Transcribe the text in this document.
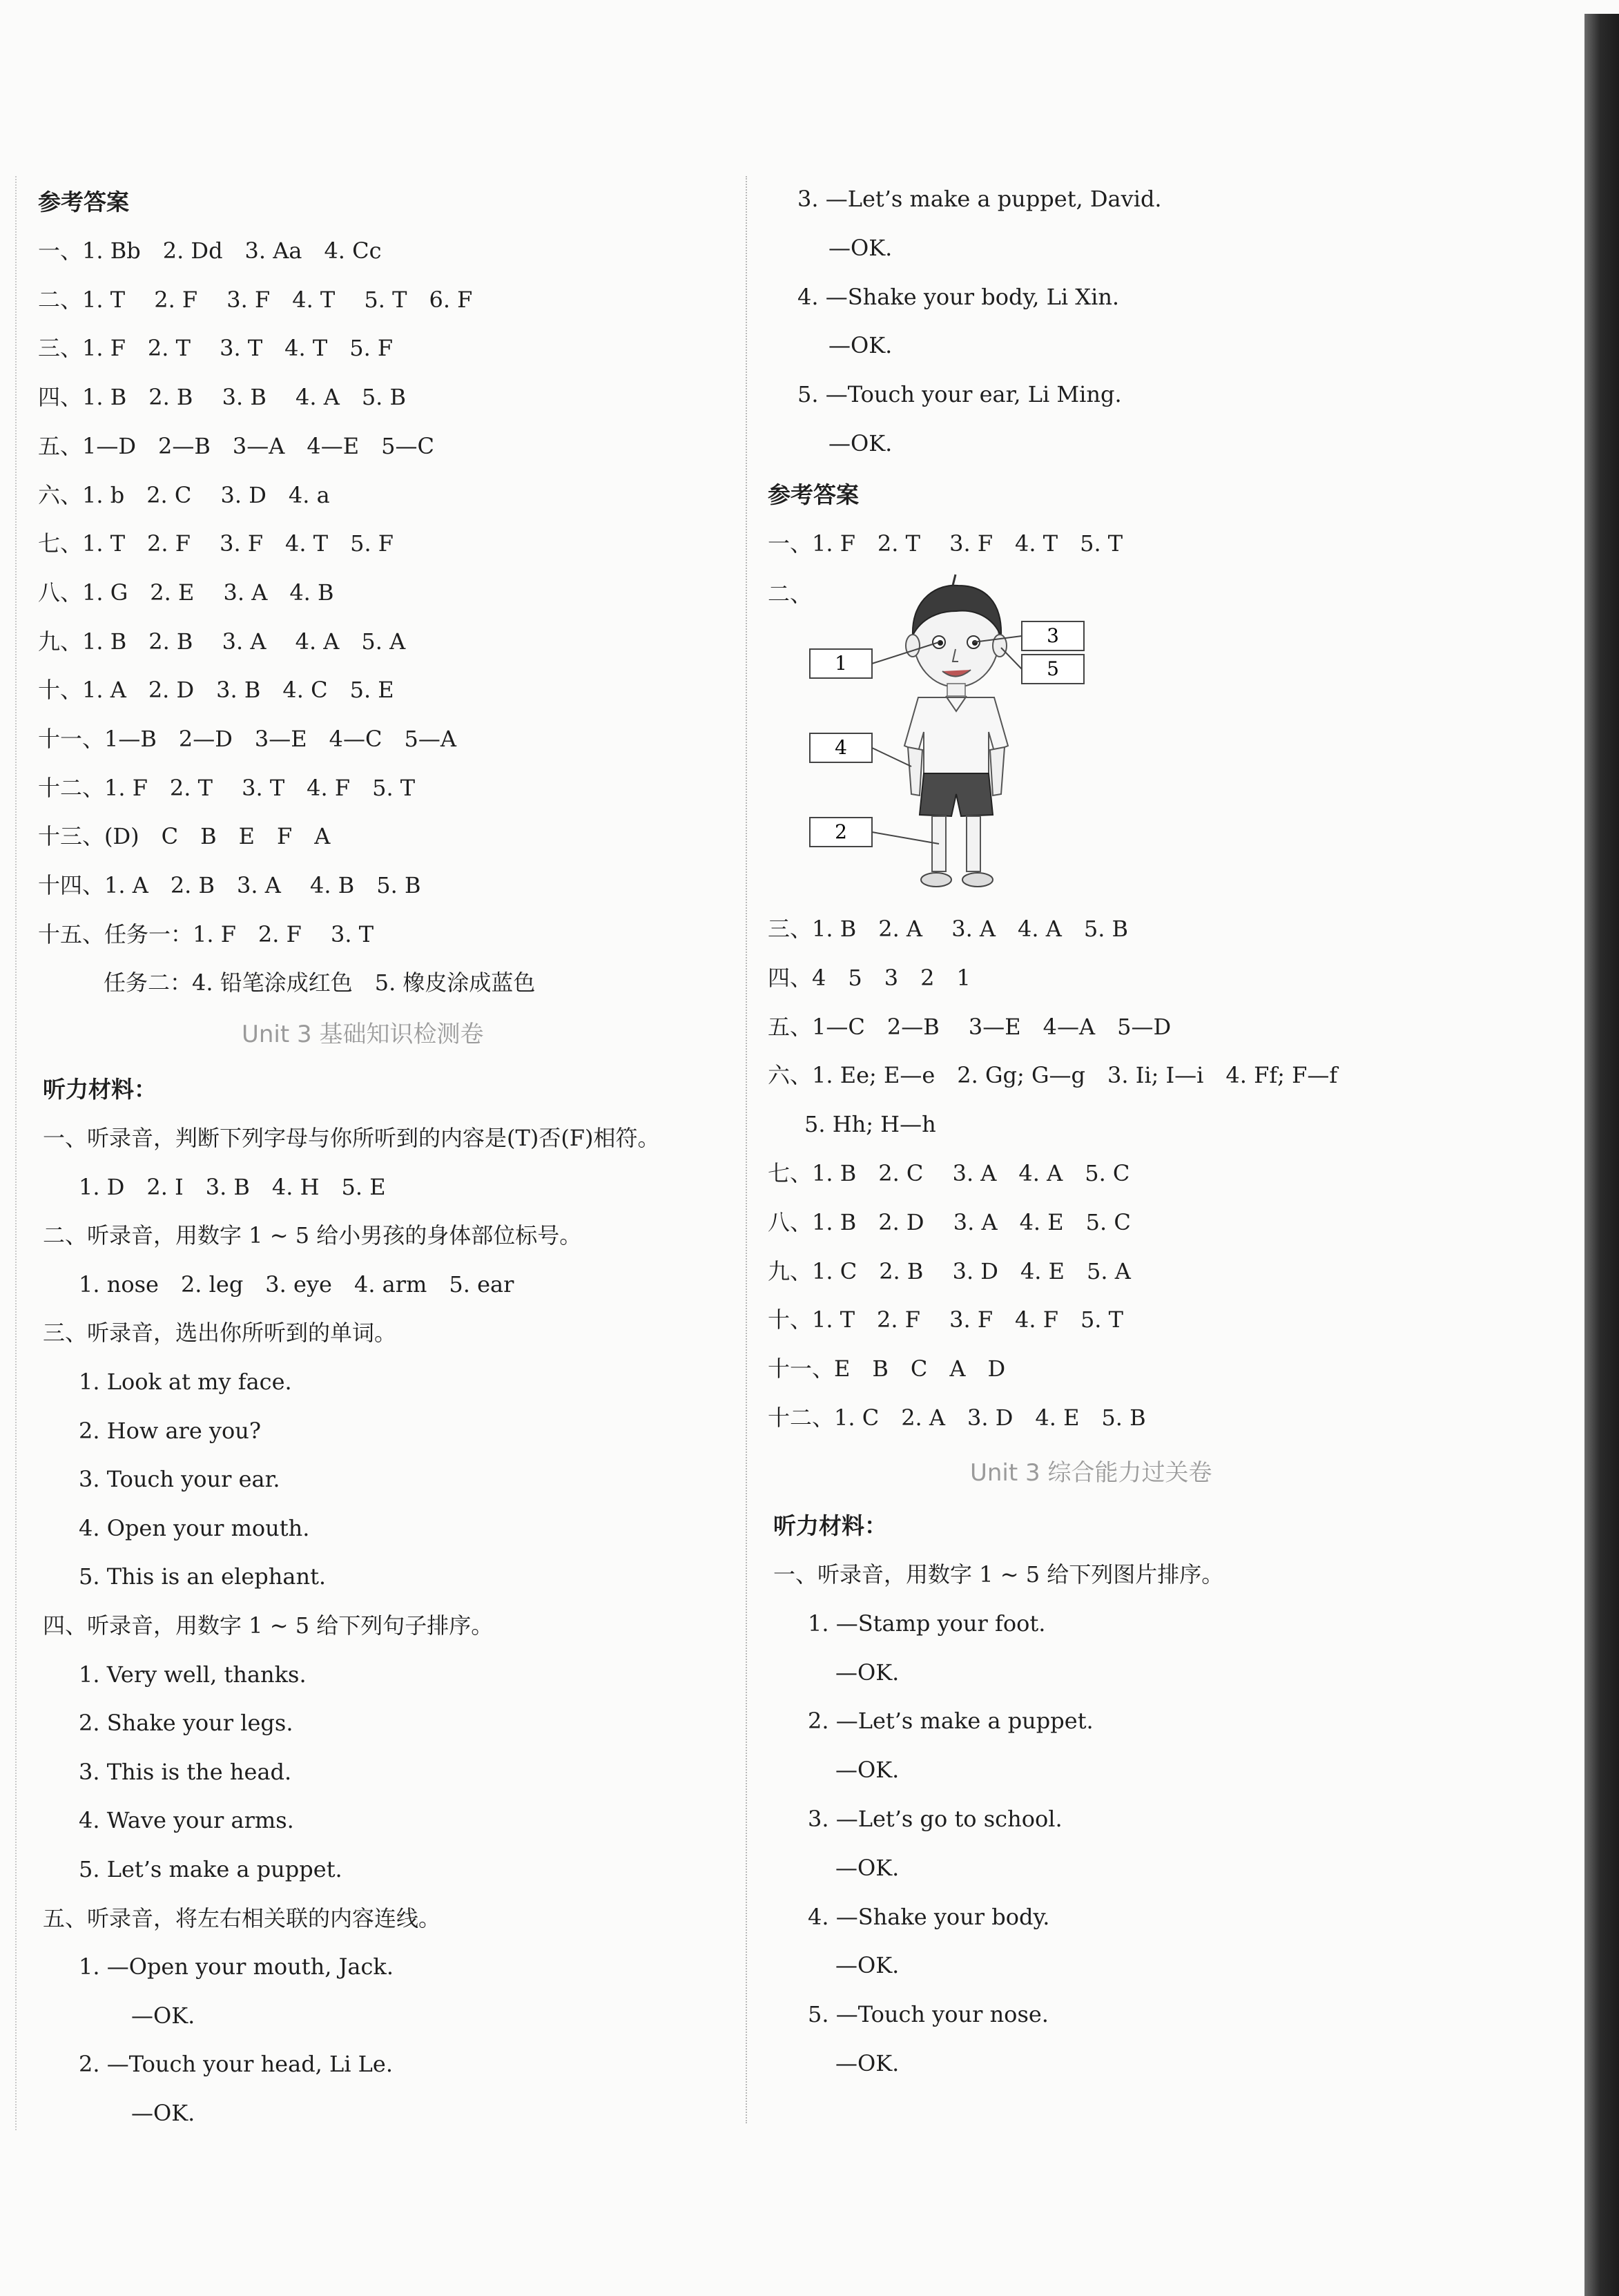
参考答案
一、1. Bb　2. Dd　3. Aa　4. Cc
二、1. T　 2. F　 3. F　4. T　 5. T　6. F
三、1. F　2. T　 3. T　4. T　5. F
四、1. B　2. B　 3. B　 4. A　5. B
五、1—D　2—B　3—A　4—E　5—C
六、1. b　2. C　 3. D　4. a
七、1. T　2. F　 3. F　4. T　5. F
八、1. G　2. E　 3. A　4. B
九、1. B　2. B　 3. A　 4. A　5. A
十、1. A　2. D　3. B　4. C　5. E
十一、1—B　2—D　3—E　4—C　5—A
十二、1. F　2. T　 3. T　4. F　5. T
十三、(D)　C　B　E　F　A
十四、1. A　2. B　3. A　 4. B　5. B
十五、任务一：1. F　2. F　 3. T
任务二：4. 铅笔涂成红色　5. 橡皮涂成蓝色
Unit 3 基础知识检测卷
听力材料：
一、听录音，判断下列字母与你所听到的内容是(T)否(F)相符。
1. D　2. I　3. B　4. H　5. E
二、听录音，用数字 1 ~ 5 给小男孩的身体部位标号。
1. nose　2. leg　3. eye　4. arm　5. ear
三、听录音，选出你所听到的单词。
1. Look at my face.
2. How are you?
3. Touch your ear.
4. Open your mouth.
5. This is an elephant.
四、听录音，用数字 1 ~ 5 给下列句子排序。
1. Very well, thanks.
2. Shake your legs.
3. This is the head.
4. Wave your arms.
5. Let’s make a puppet.
五、听录音，将左右相关联的内容连线。
1. —Open your mouth, Jack.
—OK.
2. —Touch your head, Li Le.
—OK.
3. —Let’s make a puppet, David.
—OK.
4. —Shake your body, Li Xin.
—OK.
5. —Touch your ear, Li Ming.
—OK.
参考答案
一、1. F　2. T　 3. F　4. T　5. T
二、
1
3
5
4
2
三、1. B　2. A　 3. A　4. A　5. B
四、4　5　3　2　1
五、1—C　2—B　 3—E　4—A　5—D
六、1. Ee; E—e　2. Gg; G—g　3. Ii; I—i　4. Ff; F—f
5. Hh; H—h
七、1. B　2. C　 3. A　4. A　5. C
八、1. B　2. D　 3. A　4. E　5. C
九、1. C　2. B　 3. D　4. E　5. A
十、1. T　2. F　 3. F　4. F　5. T
十一、E　B　C　A　D
十二、1. C　2. A　3. D　4. E　5. B
Unit 3 综合能力过关卷
听力材料：
一、听录音，用数字 1 ~ 5 给下列图片排序。
1. —Stamp your foot.
—OK.
2. —Let’s make a puppet.
—OK.
3. —Let’s go to school.
—OK.
4. —Shake your body.
—OK.
5. —Touch your nose.
—OK.
